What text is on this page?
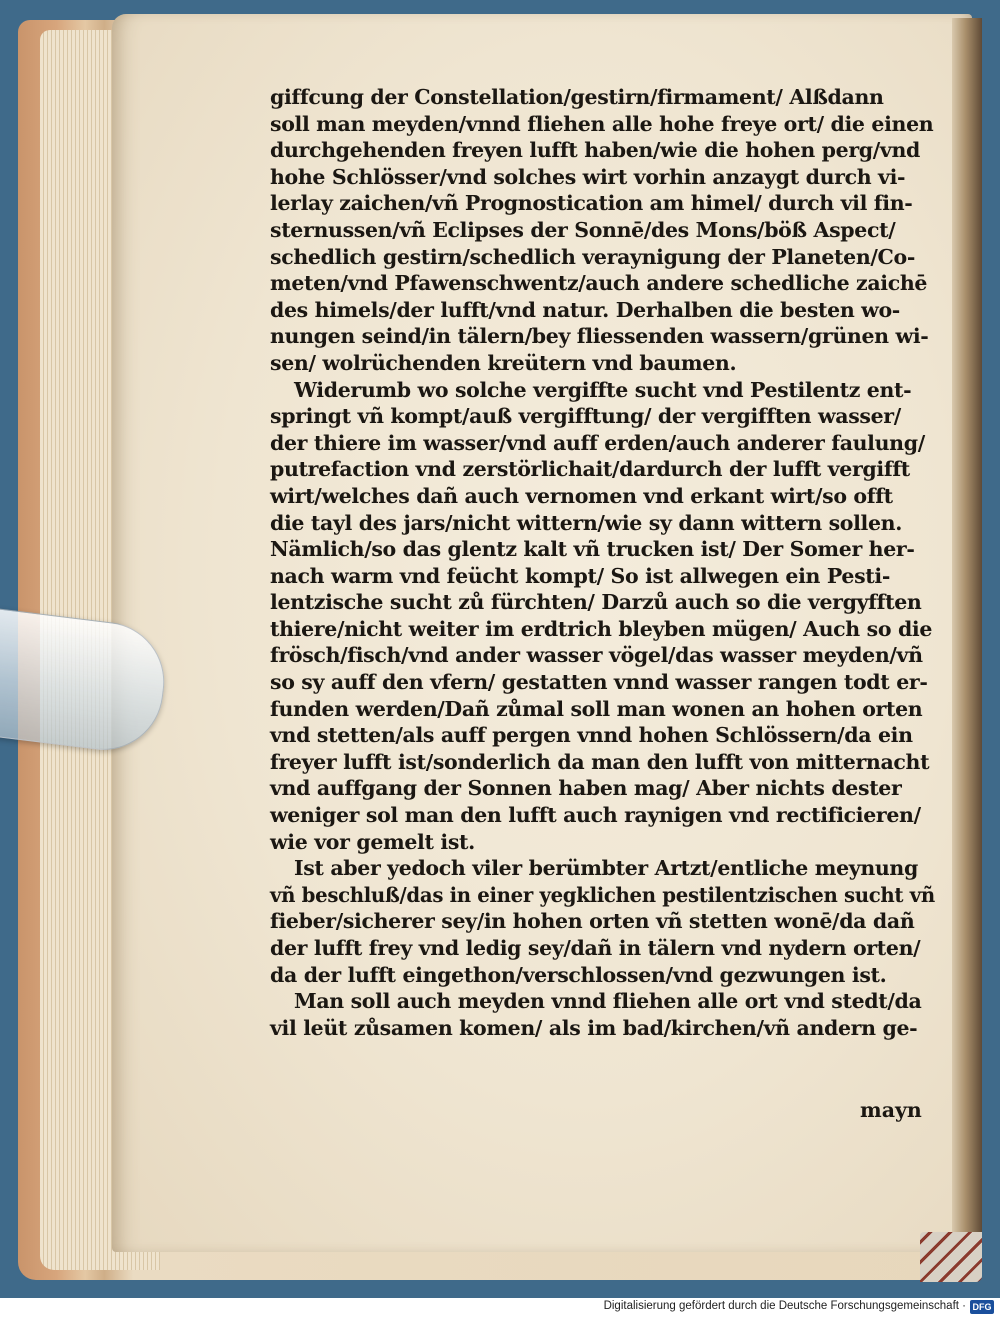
giffcung der Constellation/gestirn/firmament/ Alßdann
soll man meyden/vnnd fliehen alle hohe freye ort/ die einen
durchgehenden freyen lufft haben/wie die hohen perg/vnd
hohe Schlösser/vnd solches wirt vorhin anzaygt durch vi-
lerlay zaichen/vñ Prognostication am himel/ durch vil fin-
sternussen/vñ Eclipses der Sonnē/des Mons/böß Aspect/
schedlich gestirn/schedlich veraynigung der Planeten/Co-
meten/vnd Pfawenschwentz/auch andere schedliche zaichē
des himels/der lufft/vnd natur. Derhalben die besten wo-
nungen seind/in tälern/bey fliessenden wassern/grünen wi-
sen/ wolrüchenden kreütern vnd baumen.
Widerumb wo solche vergiffte sucht vnd Pestilentz ent-
springt vñ kompt/auß vergifftung/ der vergifften wasser/
der thiere im wasser/vnd auff erden/auch anderer faulung/
putrefaction vnd zerstörlichait/dardurch der lufft vergifft
wirt/welches dañ auch vernomen vnd erkant wirt/so offt
die tayl des jars/nicht wittern/wie sy dann wittern sollen.
Nämlich/so das glentz kalt vñ trucken ist/ Der Somer her-
nach warm vnd feücht kompt/ So ist allwegen ein Pesti-
lentzische sucht zů fürchten/ Darzů auch so die vergyfften
thiere/nicht weiter im erdtrich bleyben mügen/ Auch so die
frösch/fisch/vnd ander wasser vögel/das wasser meyden/vñ
so sy auff den vfern/ gestatten vnnd wasser rangen todt er-
funden werden/Dañ zůmal soll man wonen an hohen orten
vnd stetten/als auff pergen vnnd hohen Schlössern/da ein
freyer lufft ist/sonderlich da man den lufft von mitternacht
vnd auffgang der Sonnen haben mag/ Aber nichts dester
weniger sol man den lufft auch raynigen vnd rectificieren/
wie vor gemelt ist.
Ist aber yedoch viler berümbter Artzt/entliche meynung
vñ beschluß/das in einer yegklichen pestilentzischen sucht vñ
fieber/sicherer sey/in hohen orten vñ stetten wonē/da dañ
der lufft frey vnd ledig sey/dañ in tälern vnd nydern orten/
da der lufft eingethon/verschlossen/vnd gezwungen ist.
Man soll auch meyden vnnd fliehen alle ort vnd stedt/da
vil leüt zůsamen komen/ als im bad/kirchen/vñ andern ge-
mayn
Digitalisierung gefördert durch die Deutsche Forschungsgemeinschaft · DFG
